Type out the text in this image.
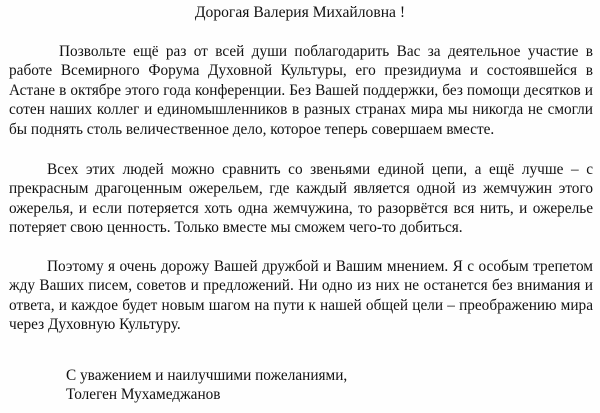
Дорогая Валерия Михайловна !

Позвольте ещё раз от всей души поблагодарить Вас за деятельное участие в работе Всемирного Форума Духовной Культуры, его президиума и состоявшейся в Астане в октябре этого года конференции. Без Вашей поддержки, без помощи десятков и сотен наших коллег и единомышленников в разных странах мира мы никогда не смогли бы поднять столь величественное дело, которое теперь совершаем вместе.

Всех этих людей можно сравнить со звеньями единой цепи, а ещё лучше – с прекрасным драгоценным ожерельем, где каждый является одной из жемчужин этого ожерелья, и если потеряется хоть одна жемчужина, то разорвётся вся нить, и ожерелье потеряет свою ценность. Только вместе мы сможем чего-то добиться.

Поэтому я очень дорожу Вашей дружбой и Вашим мнением. Я с особым трепетом жду Ваших писем, советов и предложений. Ни одно из них не останется без внимания и ответа, и каждое будет новым шагом на пути к нашей общей цели – преображению мира через Духовную Культуру.

С уважением и наилучшими пожеланиями,
Толеген Мухамеджанов
